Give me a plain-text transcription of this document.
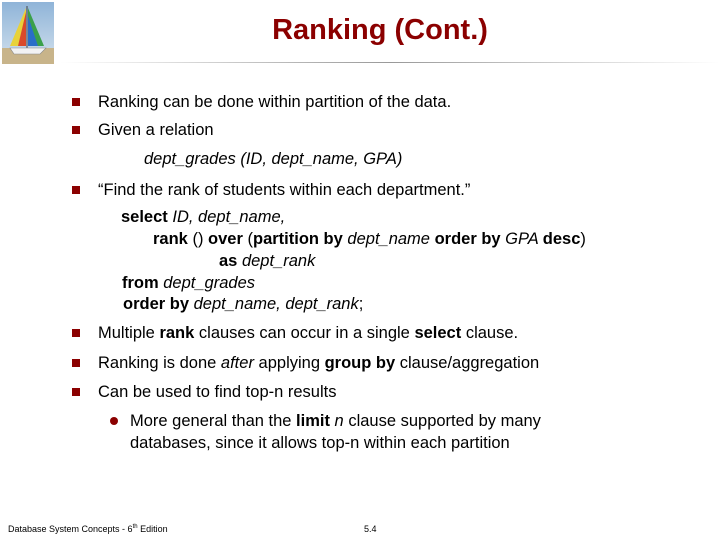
Ranking (Cont.)
Ranking can be done within partition of the data.
Given a relation
dept_grades (ID, dept_name, GPA)
“Find the rank of students within each department.”
select ID, dept_name,
rank () over (partition by dept_name order by GPA desc)
as dept_rank
from dept_grades
order by dept_name, dept_rank;
Multiple rank clauses can occur in a single select clause.
Ranking is done after applying group by clause/aggregation
Can be used to find top-n results
More general than the limit n clause supported by many
databases, since it allows top-n within each partition
Database System Concepts - 6th Edition	5.4
